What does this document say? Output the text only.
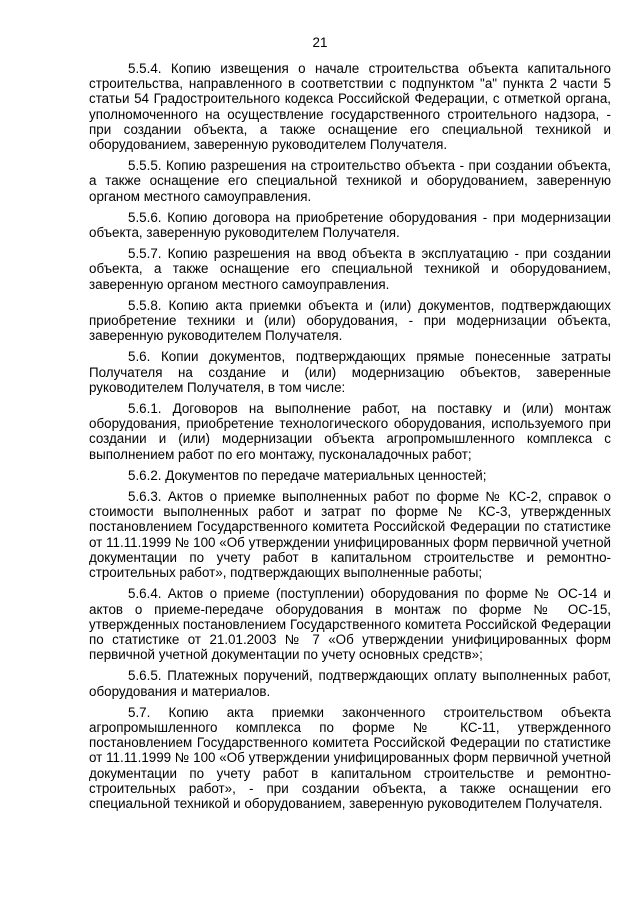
21

5.5.4. Копию извещения о начале строительства объекта капитального строительства, направленного в соответствии с подпунктом "а" пункта 2 части 5 статьи 54 Градостроительного кодекса Российской Федерации, с отметкой органа, уполномоченного на осуществление государственного строительного надзора, - при создании объекта, а также оснащение его специальной техникой и оборудованием, заверенную руководителем Получателя.

5.5.5. Копию разрешения на строительство объекта - при создании объекта, а также оснащение его специальной техникой и оборудованием, заверенную органом местного самоуправления.

5.5.6. Копию договора на приобретение оборудования - при модернизации объекта, заверенную руководителем Получателя.

5.5.7. Копию разрешения на ввод объекта в эксплуатацию - при создании объекта, а также оснащение его специальной техникой и оборудованием, заверенную органом местного самоуправления.

5.5.8. Копию акта приемки объекта и (или) документов, подтверждающих приобретение техники и (или) оборудования, - при модернизации объекта, заверенную руководителем Получателя.

5.6. Копии документов, подтверждающих прямые понесенные затраты Получателя на создание и (или) модернизацию объектов, заверенные руководителем Получателя, в том числе:

5.6.1. Договоров на выполнение работ, на поставку и (или) монтаж оборудования, приобретение технологического оборудования, используемого при создании и (или) модернизации объекта агропромышленного комплекса с выполнением работ по его монтажу, пусконаладочных работ;

5.6.2. Документов по передаче материальных ценностей;

5.6.3. Актов о приемке выполненных работ по форме № КС-2, справок о стоимости выполненных работ и затрат по форме № КС-3, утвержденных постановлением Государственного комитета Российской Федерации по статистике от 11.11.1999 № 100 «Об утверждении унифицированных форм первичной учетной документации по учету работ в капитальном строительстве и ремонтно-строительных работ», подтверждающих выполненные работы;

5.6.4. Актов о приеме (поступлении) оборудования по форме № ОС-14 и актов о приеме-передаче оборудования в монтаж по форме № ОС-15, утвержденных постановлением Государственного комитета Российской Федерации по статистике от 21.01.2003 № 7 «Об утверждении унифицированных форм первичной учетной документации по учету основных средств»;

5.6.5. Платежных поручений, подтверждающих оплату выполненных работ, оборудования и материалов.

5.7. Копию акта приемки законченного строительством объекта агропромышленного комплекса по форме № КС-11, утвержденного постановлением Государственного комитета Российской Федерации по статистике от 11.11.1999 № 100 «Об утверждении унифицированных форм первичной учетной документации по учету работ в капитальном строительстве и ремонтно-строительных работ», - при создании объекта, а также оснащении его специальной техникой и оборудованием, заверенную руководителем Получателя.
